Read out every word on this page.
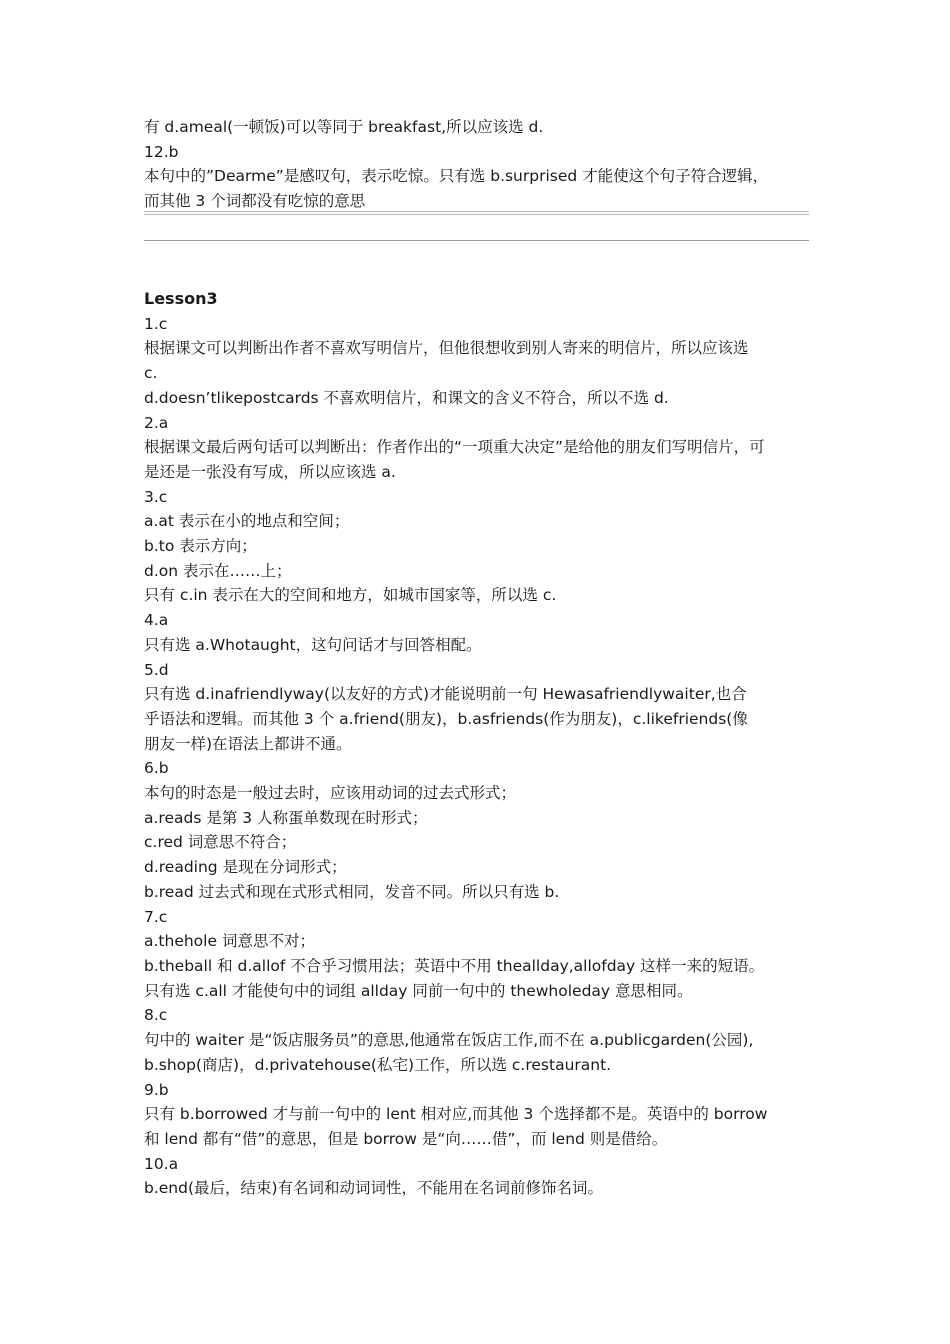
有 d.ameal(一顿饭)可以等同于 breakfast,所以应该选 d.
12.b
本句中的”Dearme”是感叹句，表示吃惊。只有选 b.surprised 才能使这个句子符合逻辑，
而其他 3 个词都没有吃惊的意思
Lesson3
1.c
根据课文可以判断出作者不喜欢写明信片，但他很想收到别人寄来的明信片，所以应该选
c.
d.doesn’tlikepostcards 不喜欢明信片，和课文的含义不符合，所以不选 d.
2.a
根据课文最后两句话可以判断出：作者作出的“一项重大决定”是给他的朋友们写明信片，可
是还是一张没有写成，所以应该选 a.
3.c
a.at 表示在小的地点和空间；
b.to 表示方向；
d.on 表示在……上；
只有 c.in 表示在大的空间和地方，如城市国家等，所以选 c.
4.a
只有选 a.Whotaught，这句问话才与回答相配。
5.d
只有选 d.inafriendlyway(以友好的方式)才能说明前一句 Hewasafriendlywaiter,也合
乎语法和逻辑。而其他 3 个 a.friend(朋友)，b.asfriends(作为朋友)，c.likefriends(像
朋友一样)在语法上都讲不通。
6.b
本句的时态是一般过去时，应该用动词的过去式形式；
a.reads 是第 3 人称蛋单数现在时形式；
c.red 词意思不符合；
d.reading 是现在分词形式；
b.read 过去式和现在式形式相同，发音不同。所以只有选 b.
7.c
a.thehole 词意思不对；
b.theball 和 d.allof 不合乎习惯用法；英语中不用 theallday,allofday 这样一来的短语。
只有选 c.all 才能使句中的词组 allday 同前一句中的 thewholeday 意思相同。
8.c
句中的 waiter 是“饭店服务员”的意思,他通常在饭店工作,而不在 a.publicgarden(公园),
b.shop(商店)，d.privatehouse(私宅)工作，所以选 c.restaurant.
9.b
只有 b.borrowed 才与前一句中的 lent 相对应,而其他 3 个选择都不是。英语中的 borrow
和 lend 都有“借”的意思，但是 borrow 是“向……借”，而 lend 则是借给。
10.a
b.end(最后，结束)有名词和动词词性，不能用在名词前修饰名词。
